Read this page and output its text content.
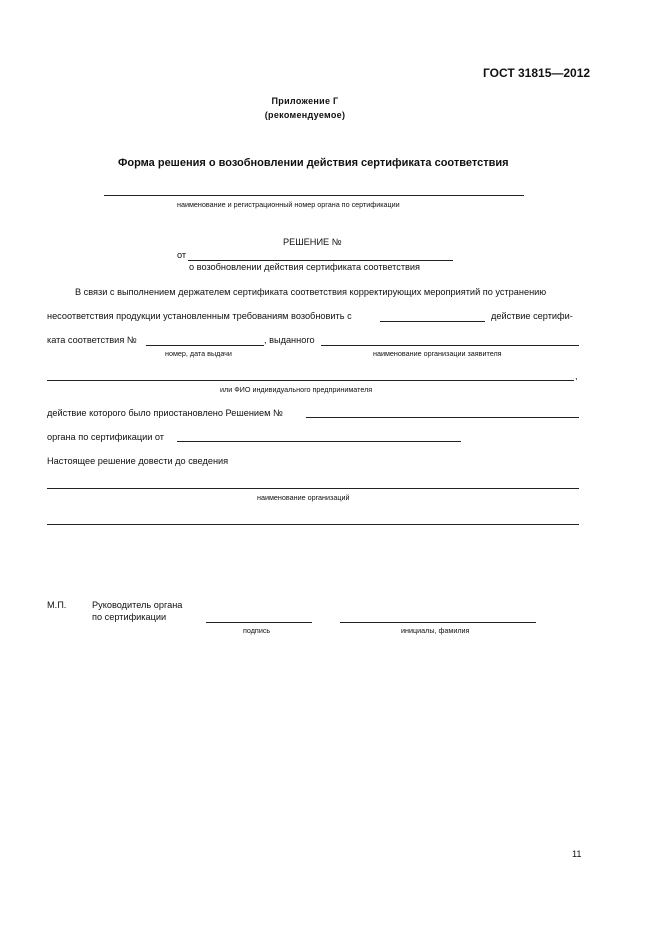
ГОСТ 31815—2012
Приложение Г
(рекомендуемое)
Форма решения о возобновлении действия сертификата соответствия
наименование и регистрационный номер органа по сертификации
РЕШЕНИЕ №
от
о возобновлении действия сертификата соответствия
В связи с выполнением держателем сертификата соответствия корректирующих мероприятий по устранению
несоответствия продукции установленным требованиям возобновить с	действие сертифи-
ката соответствия №	, выданного
номер, дата выдачи	наименование организации заявителя
,
или ФИО индивидуального предпринимателя
действие которого было приостановлено Решением №
органа по сертификации от
Настоящее решение довести до сведения
наименование организаций
М.П.	Руководитель органа
по сертификации
подпись	инициалы, фамилия
11
